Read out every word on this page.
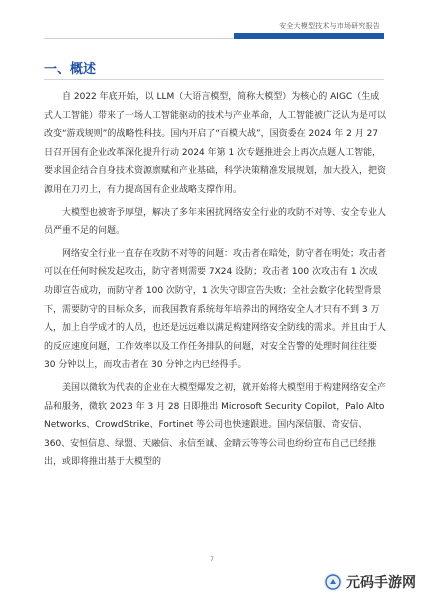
安全大模型技术与市场研究报告
一、概述

自 2022 年底开始，以 LLM（大语言模型，简称大模型）为核心的 AIGC（生成式人工智能）带来了一场人工智能驱动的技术与产业革命，人工智能被广泛认为是可以改变“游戏规则”的战略性科技。国内开启了“百模大战”，国资委在 2024 年 2 月 27 日召开国有企业改革深化提升行动 2024 年第 1 次专题推进会上再次点题人工智能，要求国企结合自身技术资源禀赋和产业基础，科学决策精准发展规划，加大投入，把资源用在刀刃上，有力提高国有企业战略支撑作用。

大模型也被寄予厚望，解决了多年来困扰网络安全行业的攻防不对等、安全专业人员严重不足的问题。

网络安全行业一直存在攻防不对等的问题：攻击者在暗处，防守者在明处；攻击者可以在任何时候发起攻击，防守者则需要 7X24 设防；攻击者 100 次攻击有 1 次成功即宣告成功，而防守者 100 次防守，1 次失守即宣告失败；全社会数字化转型背景下，需要防守的目标众多，而我国教育系统每年培养出的网络安全人才只有不到 3 万人，加上自学成才的人员，也还是远远难以满足构建网络安全防线的需求。并且由于人的反应速度问题，工作效率以及工作任务排队的问题，对安全告警的处理时间往往要 30 分钟以上，而攻击者在 30 分钟之内已经得手。

美国以微软为代表的企业在大模型爆发之初，就开始将大模型用于构建网络安全产品和服务，微软 2023 年 3 月 28 日即推出 Microsoft Security Copilot，Palo Alto Networks、CrowdStrike、Fortinet 等公司也快速跟进。国内深信服、奇安信、360、安恒信息、绿盟、天融信、永信至诚、金睛云等等公司也纷纷宣布自己已经推出，或即将推出基于大模型的

7
元码手游网
